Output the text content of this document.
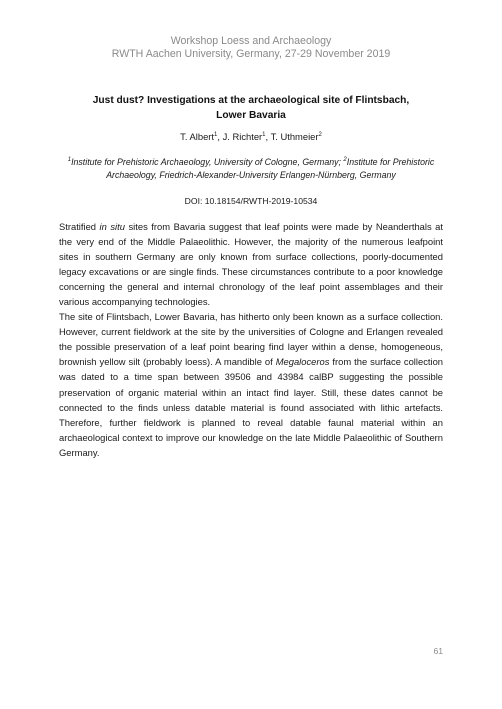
Workshop Loess and Archaeology
RWTH Aachen University, Germany, 27-29 November 2019
Just dust? Investigations at the archaeological site of Flintsbach,
Lower Bavaria
T. Albert$^1$, J. Richter$^1$, T. Uthmeier$^2$
$^1$Institute for Prehistoric Archaeology, University of Cologne, Germany; $^2$Institute for Prehistoric Archaeology, Friedrich-Alexander-University Erlangen-Nürnberg, Germany
DOI: 10.18154/RWTH-2019-10534

Stratified in situ sites from Bavaria suggest that leaf points were made by Neanderthals at the very end of the Middle Palaeolithic. However, the majority of the numerous leafpoint sites in southern Germany are only known from surface collections, poorly-documented legacy excavations or are single finds. These circumstances contribute to a poor knowledge concerning the general and internal chronology of the leaf point assemblages and their various accompanying technologies.

The site of Flintsbach, Lower Bavaria, has hitherto only been known as a surface collection. However, current fieldwork at the site by the universities of Cologne and Erlangen revealed the possible preservation of a leaf point bearing find layer within a dense, homogeneous, brownish yellow silt (probably loess). A mandible of Megaloceros from the surface collection was dated to a time span between 39506 and 43984 calBP suggesting the possible preservation of organic material within an intact find layer. Still, these dates cannot be connected to the finds unless datable material is found associated with lithic artefacts. Therefore, further fieldwork is planned to reveal datable faunal material within an archaeological context to improve our knowledge on the late Middle Palaeolithic of Southern Germany.

61
